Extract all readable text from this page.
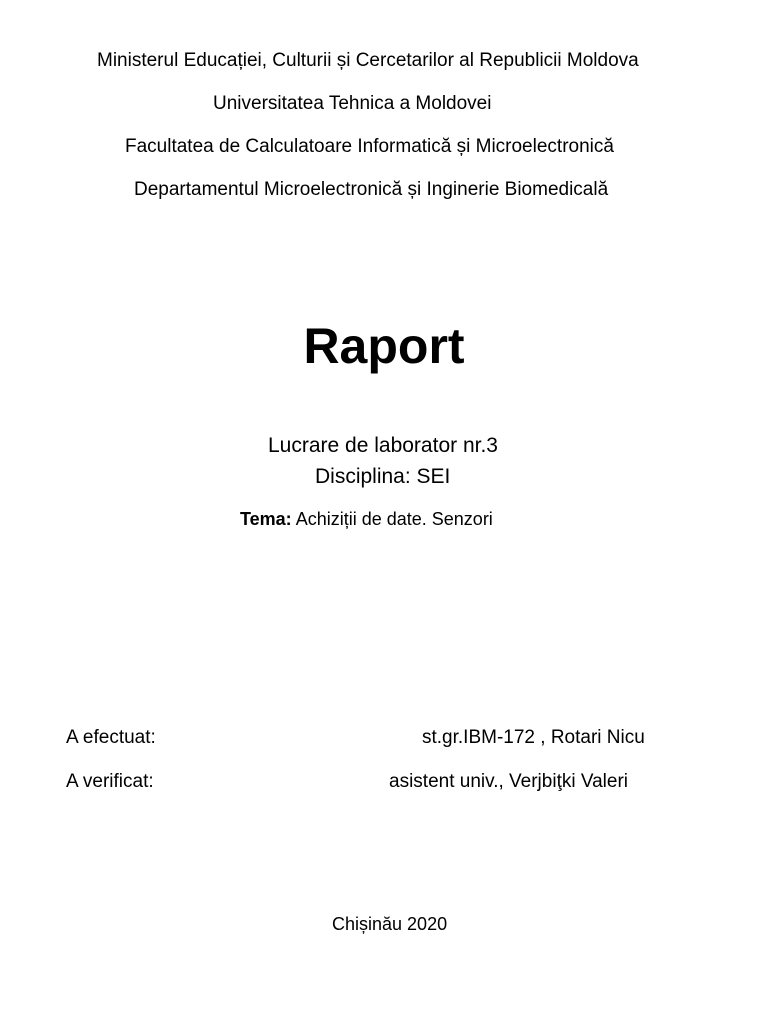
Ministerul Educației, Culturii și Cercetarilor al Republicii Moldova
Universitatea Tehnica a Moldovei
Facultatea de Calculatoare Informatică și Microelectronică
Departamentul Microelectronică și Inginerie Biomedicală
Raport
Lucrare de laborator nr.3
Disciplina: SEI
Tema: Achiziții de date. Senzori
A efectuat:	st.gr.IBM-172 , Rotari Nicu
A verificat:	asistent univ., Verjbiţki Valeri
Chișinău 2020
